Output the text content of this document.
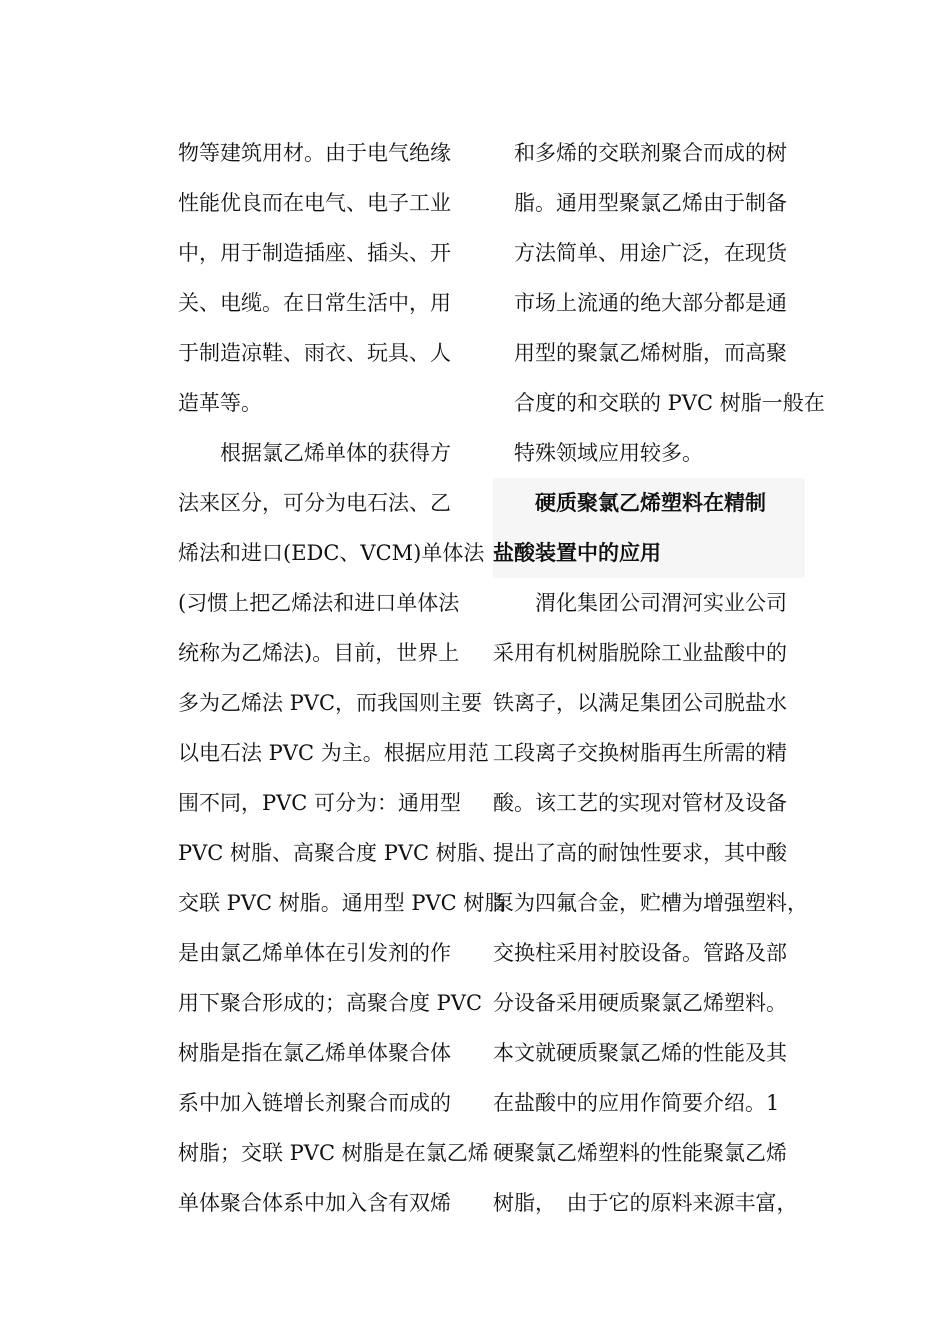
物等建筑用材。由于电气绝缘
性能优良而在电气、电子工业
中，用于制造插座、插头、开
关、电缆。在日常生活中，用
于制造凉鞋、雨衣、玩具、人
造革等。
　　根据氯乙烯单体的获得方
法来区分，可分为电石法、乙
烯法和进口(EDC、VCM)单体法
(习惯上把乙烯法和进口单体法
统称为乙烯法)。目前，世界上
多为乙烯法 PVC，而我国则主要
以电石法 PVC 为主。根据应用范
围不同，PVC 可分为：通用型
PVC 树脂、高聚合度 PVC 树脂、
交联 PVC 树脂。通用型 PVC 树脂
是由氯乙烯单体在引发剂的作
用下聚合形成的；高聚合度 PVC
树脂是指在氯乙烯单体聚合体
系中加入链增长剂聚合而成的
树脂；交联 PVC 树脂是在氯乙烯
单体聚合体系中加入含有双烯
　和多烯的交联剂聚合而成的树
　脂。通用型聚氯乙烯由于制备
　方法简单、用途广泛，在现货
　市场上流通的绝大部分都是通
　用型的聚氯乙烯树脂，而高聚
　合度的和交联的 PVC 树脂一般在
　特殊领域应用较多。
　　硬质聚氯乙烯塑料在精制
盐酸装置中的应用
　　渭化集团公司渭河实业公司
采用有机树脂脱除工业盐酸中的
铁离子，以满足集团公司脱盐水
工段离子交换树脂再生所需的精
酸。该工艺的实现对管材及设备
提出了高的耐蚀性要求，其中酸
泵为四氟合金，贮槽为增强塑料，
交换柱采用衬胶设备。管路及部
分设备采用硬质聚氯乙烯塑料。
本文就硬质聚氯乙烯的性能及其
在盐酸中的应用作简要介绍。1
硬聚氯乙烯塑料的性能聚氯乙烯
树脂，　由于它的原料来源丰富，
